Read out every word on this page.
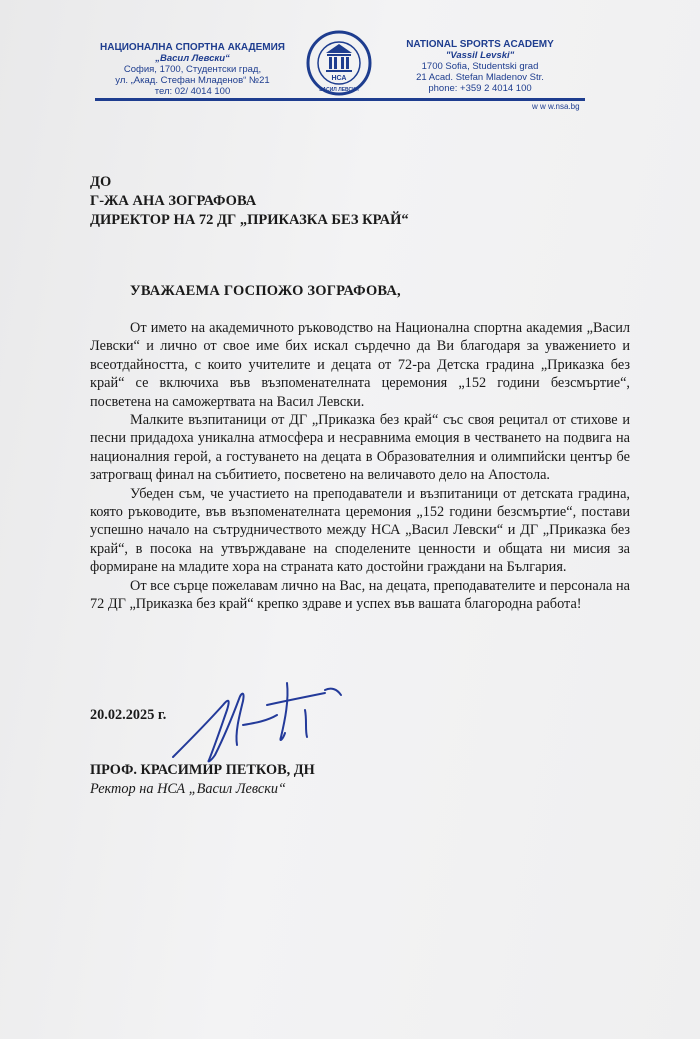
НАЦИОНАЛНА СПОРТНА АКАДЕМИЯ
„Васил Левски“
София, 1700, Студентски град,
ул. „Акад. Стефан Младенов“ №21
тел: 02/ 4014 100
НСА
ВАСИЛ ЛЕВСКИ
NATIONAL SPORTS ACADEMY
"Vassil Levski"
1700 Sofia, Studentski grad
21 Acad. Stefan Mladenov Str.
phone: +359 2 4014 100
w w w.nsa.bg
ДО
Г-ЖА АНА ЗОГРАФОВА
ДИРЕКТОР НА 72 ДГ „ПРИКАЗКА БЕЗ КРАЙ“
УВАЖАЕМА ГОСПОЖО ЗОГРАФОВА,

От името на академичното ръководство на Национална спортна академия „Васил Левски“ и лично от свое име бих искал сърдечно да Ви благодаря за уважението и всеотдайността, с които учителите и децата от 72-ра Детска градина „Приказка без край“ се включиха във възпоменателната церемония „152 години безсмъртие“, посветена на саможертвата на Васил Левски.

Малките възпитаници от ДГ „Приказка без край“ със своя рецитал от стихове и песни придадоха уникална атмосфера и несравнима емоция в честването на подвига на националния герой, а гостуването на децата в Образователния и олимпийски център бе затрогващ финал на събитието, посветено на величавото дело на Апостола.

Убеден съм, че участието на преподаватели и възпитаници от детската градина, която ръководите, във възпоменателната церемония „152 години безсмъртие“, постави успешно начало на сътрудничеството между НСА „Васил Левски“ и ДГ „Приказка без край“, в посока на утвърждаване на споделените ценности и общата ни мисия за формиране на младите хора на страната като достойни граждани на България.

От все сърце пожелавам лично на Вас, на децата, преподавателите и персонала на 72 ДГ „Приказка без край“ крепко здраве и успех във вашата благородна работа!

20.02.2025 г.
ПРОФ. КРАСИМИР ПЕТКОВ, ДН
Ректор на НСА „Васил Левски“
